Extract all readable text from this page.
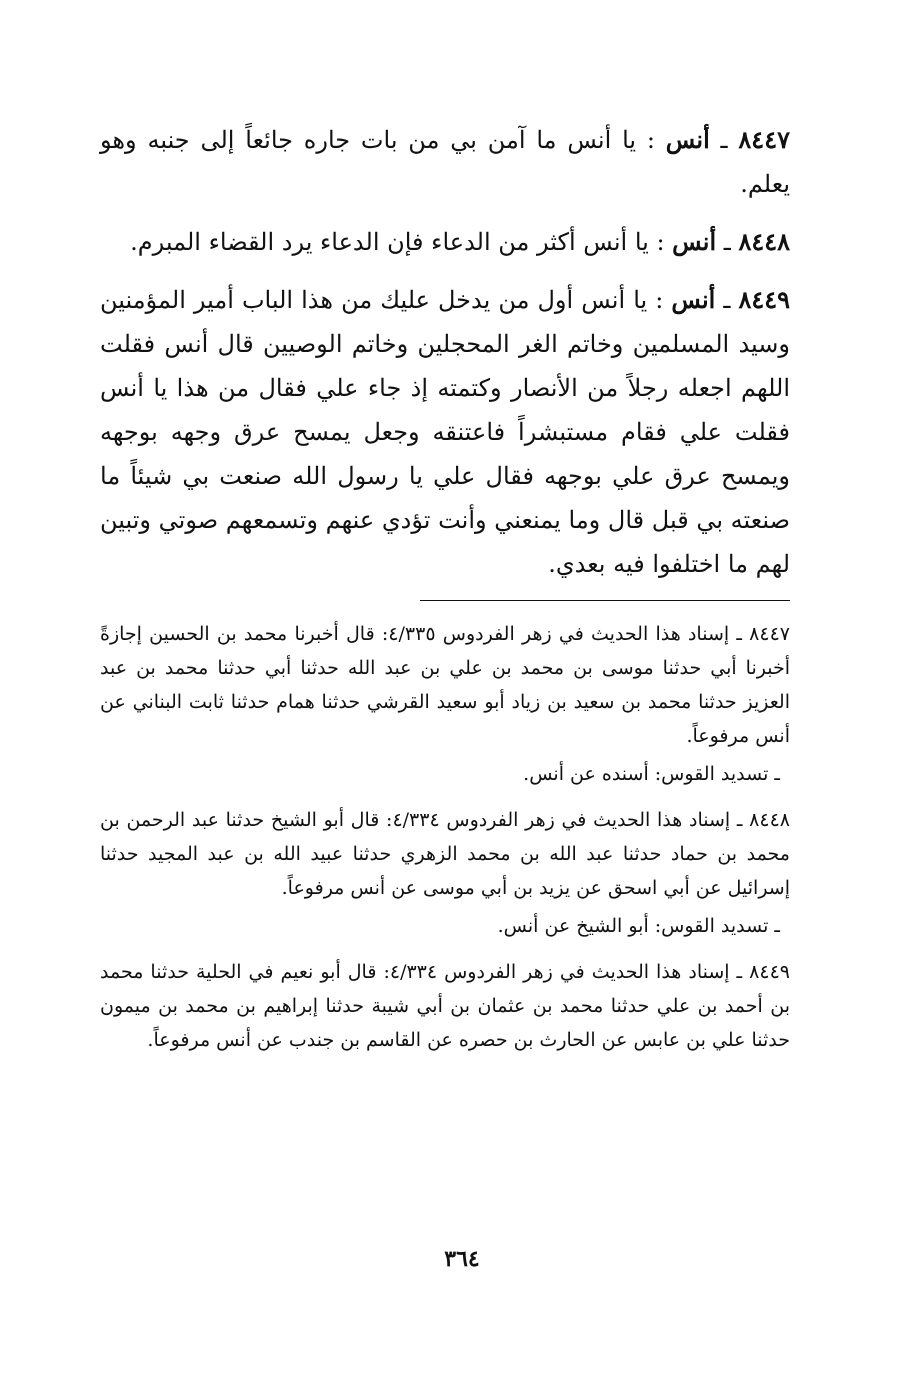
٨٤٤٧ ـ أنس : يا أنس ما آمن بي من بات جاره جائعاً إلى جنبه وهو يعلم.

٨٤٤٨ ـ أنس : يا أنس أكثر من الدعاء فإن الدعاء يرد القضاء المبرم.

٨٤٤٩ ـ أنس : يا أنس أول من يدخل عليك من هذا الباب أمير المؤمنين وسيد المسلمين وخاتم الغر المحجلين وخاتم الوصيين قال أنس فقلت اللهم اجعله رجلاً من الأنصار وكتمته إذ جاء علي فقال من هذا يا أنس فقلت علي فقام مستبشراً فاعتنقه وجعل يمسح عرق وجهه بوجهه ويمسح عرق علي بوجهه فقال علي يا رسول الله صنعت بي شيئاً ما صنعته بي قبل قال وما يمنعني وأنت تؤدي عنهم وتسمعهم صوتي وتبين لهم ما اختلفوا فيه بعدي.

٨٤٤٧ ـ إسناد هذا الحديث في زهر الفردوس ٤/٣٣٥: قال أخبرنا محمد بن الحسين إجازةً أخبرنا أبي حدثنا موسى بن محمد بن علي بن عبد الله حدثنا أبي حدثنا محمد بن عبد العزيز حدثنا محمد بن سعيد بن زياد أبو سعيد القرشي حدثنا همام حدثنا ثابت البناني عن أنس مرفوعاً.

ـ تسديد القوس: أسنده عن أنس.

٨٤٤٨ ـ إسناد هذا الحديث في زهر الفردوس ٤/٣٣٤: قال أبو الشيخ حدثنا عبد الرحمن بن محمد بن حماد حدثنا عبد الله بن محمد الزهري حدثنا عبيد الله بن عبد المجيد حدثنا إسرائيل عن أبي اسحق عن يزيد بن أبي موسى عن أنس مرفوعاً.

ـ تسديد القوس: أبو الشيخ عن أنس.

٨٤٤٩ ـ إسناد هذا الحديث في زهر الفردوس ٤/٣٣٤: قال أبو نعيم في الحلية حدثنا محمد بن أحمد بن علي حدثنا محمد بن عثمان بن أبي شيبة حدثنا إبراهيم بن محمد بن ميمون حدثنا علي بن عابس عن الحارث بن حصره عن القاسم بن جندب عن أنس مرفوعاً.

٣٦٤
